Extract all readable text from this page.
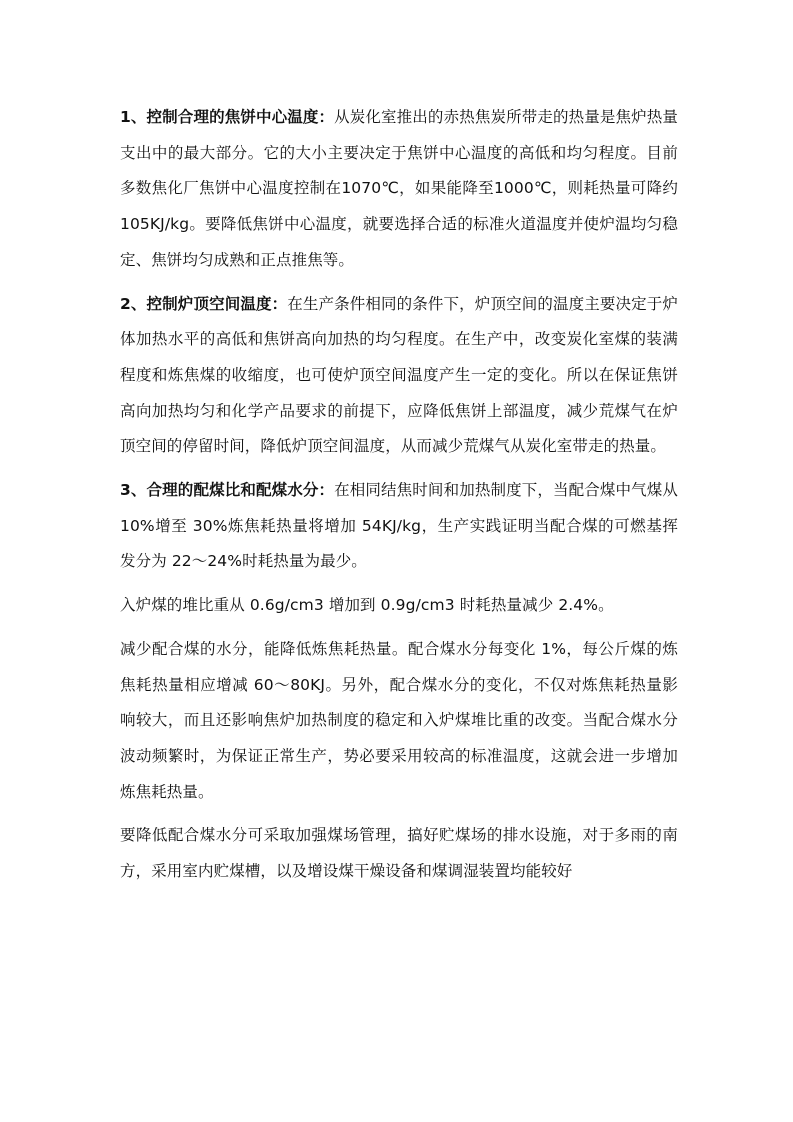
1、控制合理的焦饼中心温度：从炭化室推出的赤热焦炭所带走的热量是焦炉热量支出中的最大部分。它的大小主要决定于焦饼中心温度的高低和均匀程度。目前多数焦化厂焦饼中心温度控制在1070℃，如果能降至1000℃，则耗热量可降约 105KJ/kg。要降低焦饼中心温度，就要选择合适的标准火道温度并使炉温均匀稳定、焦饼均匀成熟和正点推焦等。

2、控制炉顶空间温度：在生产条件相同的条件下，炉顶空间的温度主要决定于炉体加热水平的高低和焦饼高向加热的均匀程度。在生产中，改变炭化室煤的装满程度和炼焦煤的收缩度，也可使炉顶空间温度产生一定的变化。所以在保证焦饼高向加热均匀和化学产品要求的前提下，应降低焦饼上部温度，减少荒煤气在炉顶空间的停留时间，降低炉顶空间温度，从而减少荒煤气从炭化室带走的热量。

3、合理的配煤比和配煤水分：在相同结焦时间和加热制度下，当配合煤中气煤从 10%增至 30%炼焦耗热量将增加 54KJ/kg，生产实践证明当配合煤的可燃基挥发分为 22～24%时耗热量为最少。

入炉煤的堆比重从 0.6g/cm3 增加到 0.9g/cm3 时耗热量减少 2.4%。

减少配合煤的水分，能降低炼焦耗热量。配合煤水分每变化 1%，每公斤煤的炼焦耗热量相应增减 60～80KJ。另外，配合煤水分的变化，不仅对炼焦耗热量影响较大，而且还影响焦炉加热制度的稳定和入炉煤堆比重的改变。当配合煤水分波动频繁时，为保证正常生产，势必要采用较高的标准温度，这就会进一步增加炼焦耗热量。

要降低配合煤水分可采取加强煤场管理，搞好贮煤场的排水设施，对于多雨的南方，采用室内贮煤槽，以及增设煤干燥设备和煤调湿装置均能较好
